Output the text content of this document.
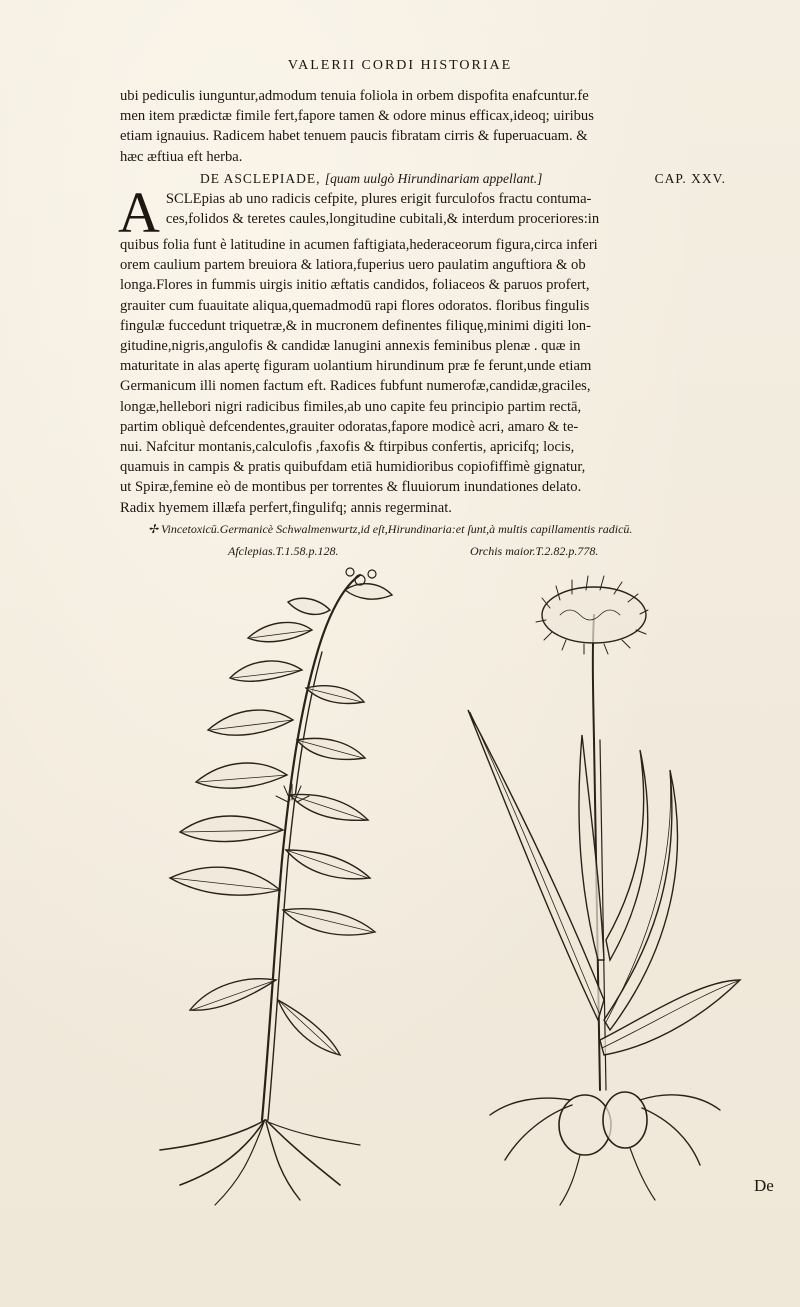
VALERII CORDI HISTORIAE
ubi pediculis iunguntur,admodum tenuia foliola in orbem dispofita enafcuntur.fe
men item prædictæ fimile fert,fapore tamen & odore minus efficax,ideoq; uiribus
etiam ignauius. Radicem habet tenuem paucis fibratam cirris & fuperuacuam. &
hæc æftiua eft herba.
DE ASCLEPIADE, [quam uulgò Hirundinariam appellant.]	CAP. XXV.
A SCLEpias ab uno radicis cefpite, plures erigit furculofos fractu contuma-
ces,folidos & teretes caules,longitudine cubitali,& interdum proceriores:in
quibus folia funt è latitudine in acumen faftigiata,hederaceorum figura,circa inferi
orem caulium partem breuiora & latiora,fuperius uero paulatim anguftiora & ob
longa.Flores in fummis uirgis initio æftatis candidos, foliaceos & paruos profert,
grauiter cum fuauitate aliqua,quemadmodū rapi flores odoratos. floribus fingulis
fingulæ fuccedunt triquetræ,& in mucronem definentes filiquę,minimi digiti lon-
gitudine,nigris,angulofis & candidæ lanugini annexis feminibus plenæ . quæ in
maturitate in alas apertę figuram uolantium hirundinum præ fe ferunt,unde etiam
Germanicum illi nomen factum eft. Radices fubfunt numerofæ,candidæ,graciles,
longæ,hellebori nigri radicibus fimiles,ab uno capite feu principio partim rectā,
partim obliquè defcendentes,grauiter odoratas,fapore modicè acri, amaro & te-
nui. Nafcitur montanis,calculofis ,faxofis & ftirpibus confertis, apricifq; locis,
quamuis in campis & pratis quibufdam etiā humidioribus copiofiffimè gignatur,
ut Spiræ,femine eò de montibus per torrentes & fluuiorum inundationes delato.
Radix hyemem illæfa perfert,fingulifq; annis regerminat.
✢ Vincetoxicū.Germanicè Schwalmenwurtz,id eſt,Hirundinaria:et ſunt,à multis capillamentis radicū.
Afclepias.T.1.58.p.128.	Orchis maior.T.2.82.p.778.
De
